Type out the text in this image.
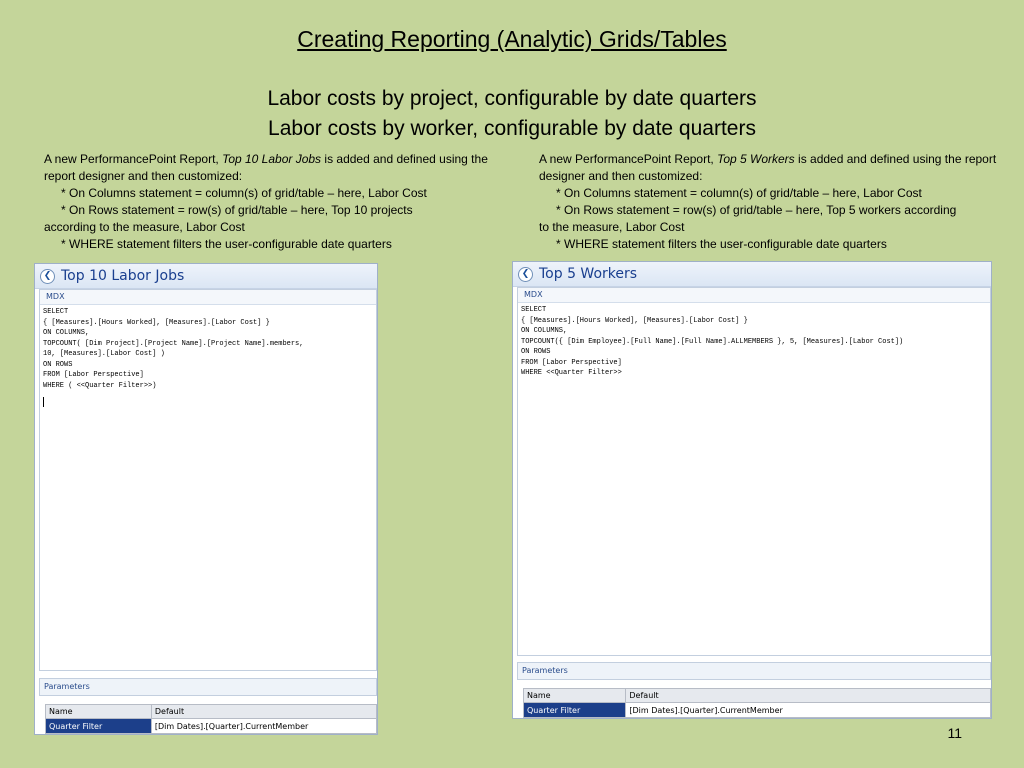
Creating Reporting (Analytic) Grids/Tables
Labor costs by project, configurable by date quarters
Labor costs by worker, configurable by date quarters

A new PerformancePoint Report, Top 10 Labor Jobs is added and defined using the report designer and then customized:

* On Columns statement = column(s) of grid/table – here, Labor Cost

* On Rows statement = row(s) of grid/table – here, Top 10 projects

according to the measure, Labor Cost

* WHERE statement filters the user-configurable date quarters

A new PerformancePoint Report, Top 5 Workers is added and defined using the report designer and then customized:

* On Columns statement = column(s) of grid/table – here, Labor Cost

* On Rows statement = row(s) of grid/table – here, Top 5 workers according

to the measure, Labor Cost

* WHERE statement filters the user-configurable date quarters

❮ Top 10 Labor Jobs
MDX
SELECT
{ [Measures].[Hours Worked], [Measures].[Labor Cost] }
ON COLUMNS,
TOPCOUNT( [Dim Project].[Project Name].[Project Name].members,
10, [Measures].[Labor Cost] )
ON ROWS
FROM [Labor Perspective]
WHERE ( <<Quarter Filter>>)
Parameters
Name	Default
Quarter Filter	[Dim Dates].[Quarter].CurrentMember
❮ Top 5 Workers
MDX
SELECT
{ [Measures].[Hours Worked], [Measures].[Labor Cost] }
ON COLUMNS,
TOPCOUNT({ [Dim Employee].[Full Name].[Full Name].ALLMEMBERS }, 5, [Measures].[Labor Cost])
ON ROWS
FROM [Labor Perspective]
WHERE <<Quarter Filter>>
Parameters
Name	Default
Quarter Filter	[Dim Dates].[Quarter].CurrentMember
11
